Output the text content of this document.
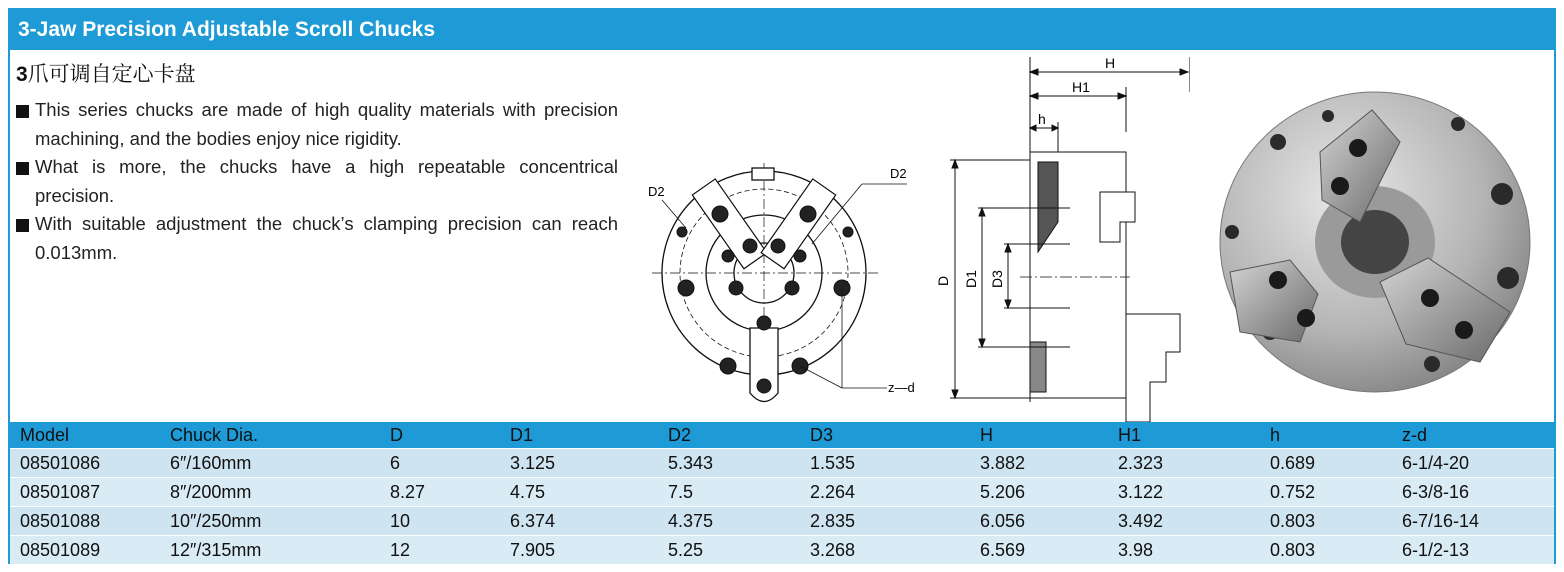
3-Jaw Precision Adjustable Scroll Chucks
3爪可调自定心卡盘
This series chucks are made of high quality materials with precision machining, and the bodies enjoy nice rigidity.
What is more, the chucks have a high repeatable concentrical precision.
With suitable adjustment the chuck’s clamping precision can reach 0.013mm.
D2
D2
z—d
H
H1
h
D D1 D3
Model	Chuck Dia.	D	D1	D2	D3	H	H1	h	z-d
08501086	6″/160mm	6	3.125	5.343	1.535	3.882	2.323	0.689	6-1/4-20
08501087	8″/200mm	8.27	4.75	7.5	2.264	5.206	3.122	0.752	6-3/8-16
08501088	10″/250mm	10	6.374	4.375	2.835	6.056	3.492	0.803	6-7/16-14
08501089	12″/315mm	12	7.905	5.25	3.268	6.569	3.98	0.803	6-1/2-13
